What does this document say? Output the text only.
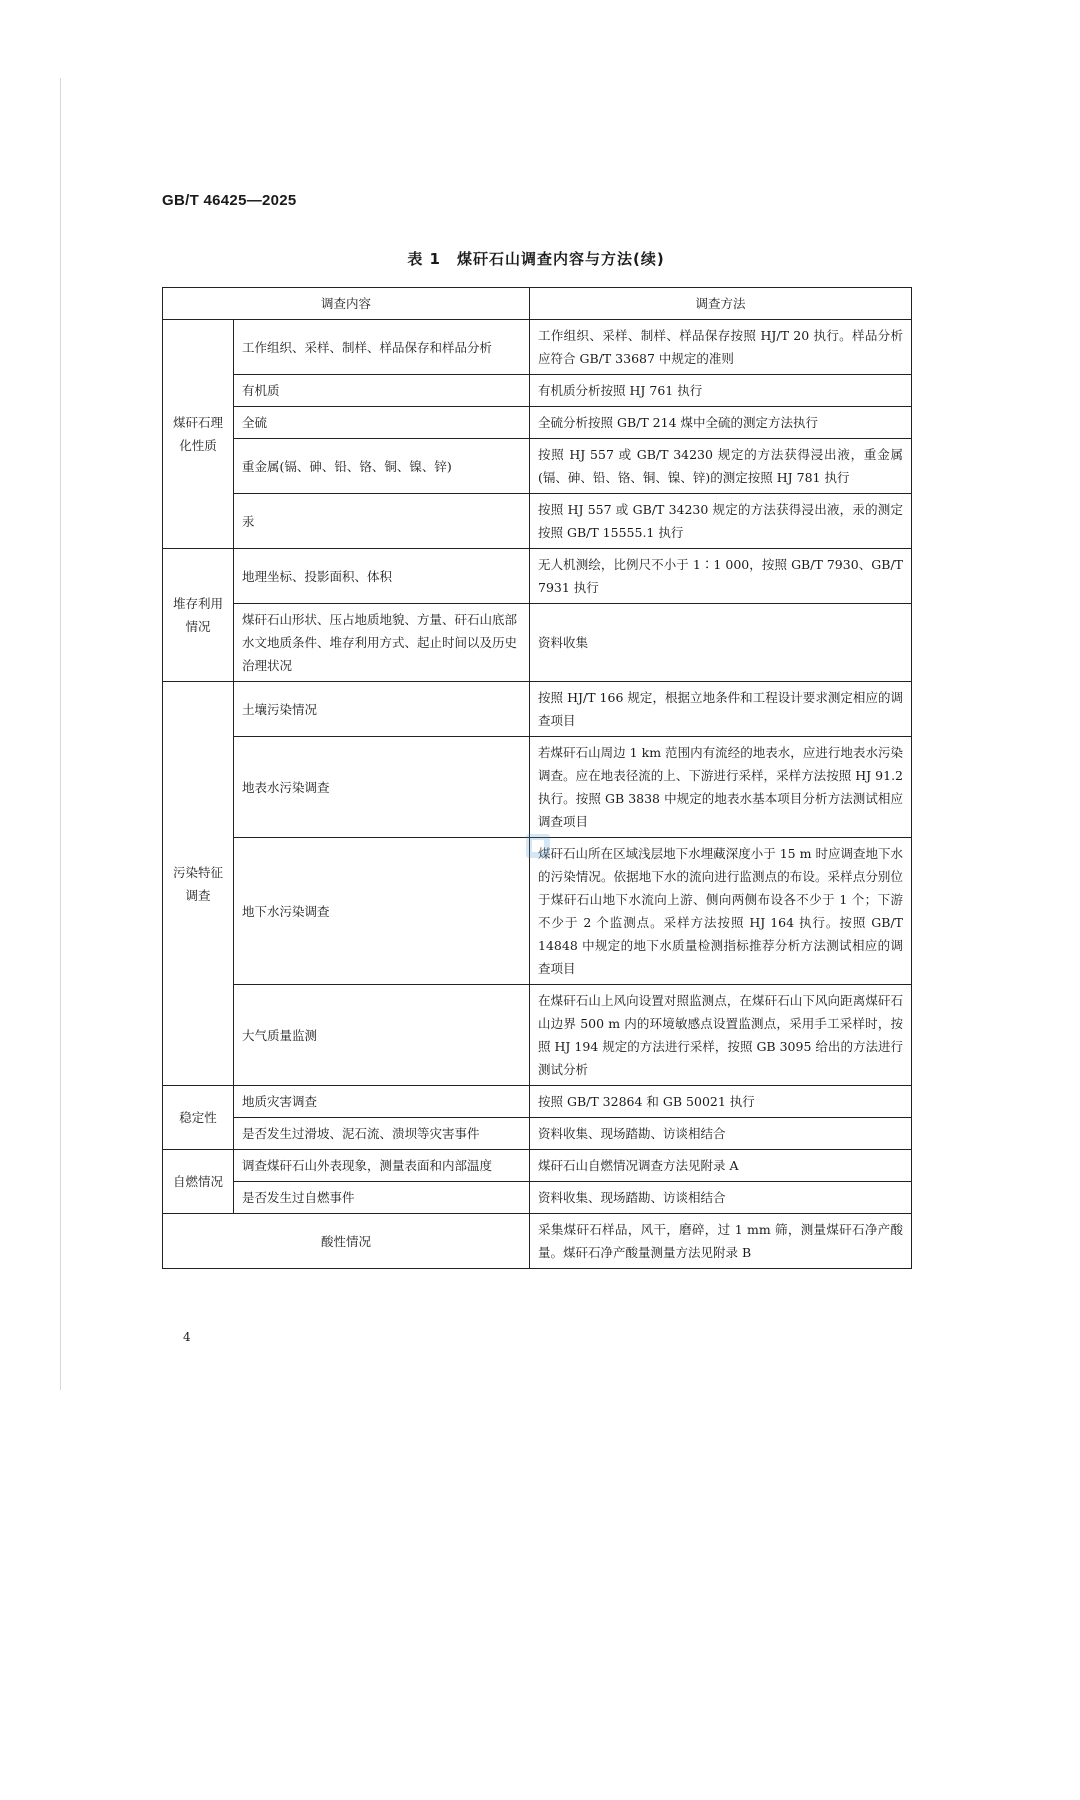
GB/T 46425—2025
表 1　煤矸石山调查内容与方法(续)
调查内容		调查方法
煤矸石理化性质	工作组织、采样、制样、样品保存和样品分析	工作组织、采样、制样、样品保存按照 HJ/T 20 执行。样品分析应符合 GB/T 33687 中规定的准则
	有机质	有机质分析按照 HJ 761 执行
	全硫	全硫分析按照 GB/T 214 煤中全硫的测定方法执行
	重金属(镉、砷、铅、铬、铜、镍、锌)	按照 HJ 557 或 GB/T 34230 规定的方法获得浸出液，重金属(镉、砷、铅、铬、铜、镍、锌)的测定按照 HJ 781 执行
	汞	按照 HJ 557 或 GB/T 34230 规定的方法获得浸出液，汞的测定按照 GB/T 15555.1 执行
堆存利用情况	地理坐标、投影面积、体积	无人机测绘，比例尺不小于 1∶1 000，按照 GB/T 7930、GB/T 7931 执行
	煤矸石山形状、压占地质地貌、方量、矸石山底部水文地质条件、堆存利用方式、起止时间以及历史治理状况	资料收集
污染特征调查	土壤污染情况	按照 HJ/T 166 规定，根据立地条件和工程设计要求测定相应的调查项目
	地表水污染调查	若煤矸石山周边 1 km 范围内有流经的地表水，应进行地表水污染调查。应在地表径流的上、下游进行采样，采样方法按照 HJ 91.2 执行。按照 GB 3838 中规定的地表水基本项目分析方法测试相应调查项目
	地下水污染调查	煤矸石山所在区域浅层地下水埋藏深度小于 15 m 时应调查地下水的污染情况。依据地下水的流向进行监测点的布设。采样点分别位于煤矸石山地下水流向上游、侧向两侧布设各不少于 1 个；下游不少于 2 个监测点。采样方法按照 HJ 164 执行。按照 GB/T 14848 中规定的地下水质量检测指标推荐分析方法测试相应的调查项目
	大气质量监测	在煤矸石山上风向设置对照监测点，在煤矸石山下风向距离煤矸石山边界 500 m 内的环境敏感点设置监测点，采用手工采样时，按照 HJ 194 规定的方法进行采样，按照 GB 3095 给出的方法进行测试分析
稳定性	地质灾害调查	按照 GB/T 32864 和 GB 50021 执行
	是否发生过滑坡、泥石流、溃坝等灾害事件	资料收集、现场踏勘、访谈相结合
自燃情况	调查煤矸石山外表现象，测量表面和内部温度	煤矸石山自燃情况调查方法见附录 A
	是否发生过自燃事件	资料收集、现场踏勘、访谈相结合
酸性情况		采集煤矸石样品，风干，磨碎，过 1 mm 筛，测量煤矸石净产酸量。煤矸石净产酸量测量方法见附录 B
4
